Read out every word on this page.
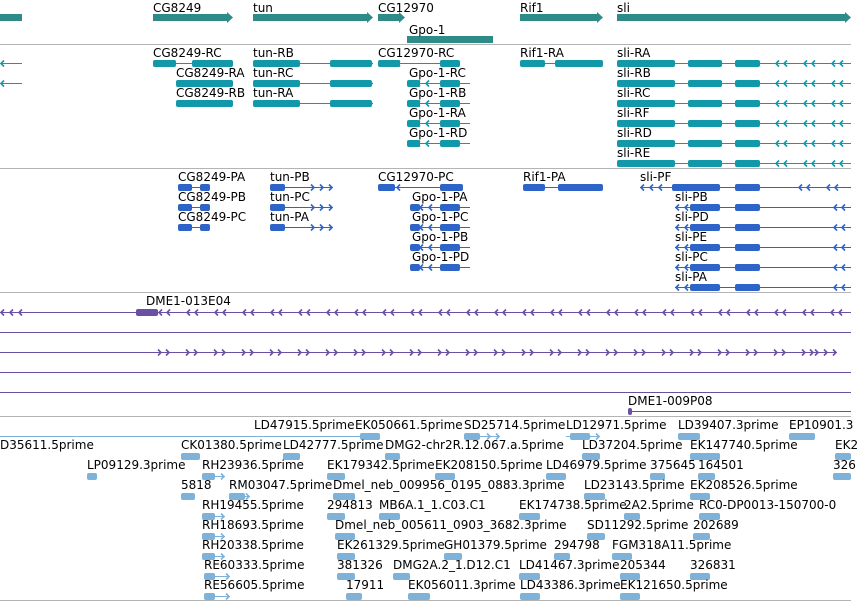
CG8249	tun	CG12970	Rif1	sli
Gpo-1
CG8249-RC	tun-RB	CG12970-RC	Rif1-RA	sli-RA
CG8249-RA tun-RC	Gpo-1-RC	sli-RB
CG8249-RB tun-RA	Gpo-1-RB	sli-RC
Gpo-1-RA	sli-RF
Gpo-1-RD	sli-RD
sli-RE
CG8249-PA tun-PB	CG12970-PC	Rif1-PA	sli-PF
CG8249-PB tun-PC	Gpo-1-PA	sli-PB
CG8249-PC tun-PA	Gpo-1-PC	sli-PD
Gpo-1-PB	sli-PE
Gpo-1-PD	sli-PC
sli-PA
DME1-013E04
DME1-009P08
LD47915.5prime EK050661.5prime SD25714.5prime LD12971.5prime LD39407.3prime EP10901.3
D35611.5prime	CK01380.5prime LD42777.5prime DMG2-chr2R.12.067.a.5prime LD37204.5prime EK147740.5prime	EK2
LP09129.3prime RH23936.5prime EK179342.5prime EK208150.5prime LD46979.5prime 375645 164501	326
5818 RM03047.5prime Dmel_neb_009956_0195_0883.3prime LD23143.5prime EK208526.5prime
RH19455.5prime 294813 MB6A.1_1.C03.C1	EK174738.5prime
2A2.5prime RC0-DP0013-150700-0
RH18693.5prime	Dmel_neb_005611_0903_3682.3prime SD11292.5prime 202689
RH20338.5prime	EK261329.5prime GH01379.5prime 294798 FGM318A11.5prime
RE60333.5prime	381326 DMG2A.2_1.D12.C1 LD41467.3prime 205344 326831
RE56605.5prime	17911 EK056011.3prime LD43386.3prime EK121650.5prime
